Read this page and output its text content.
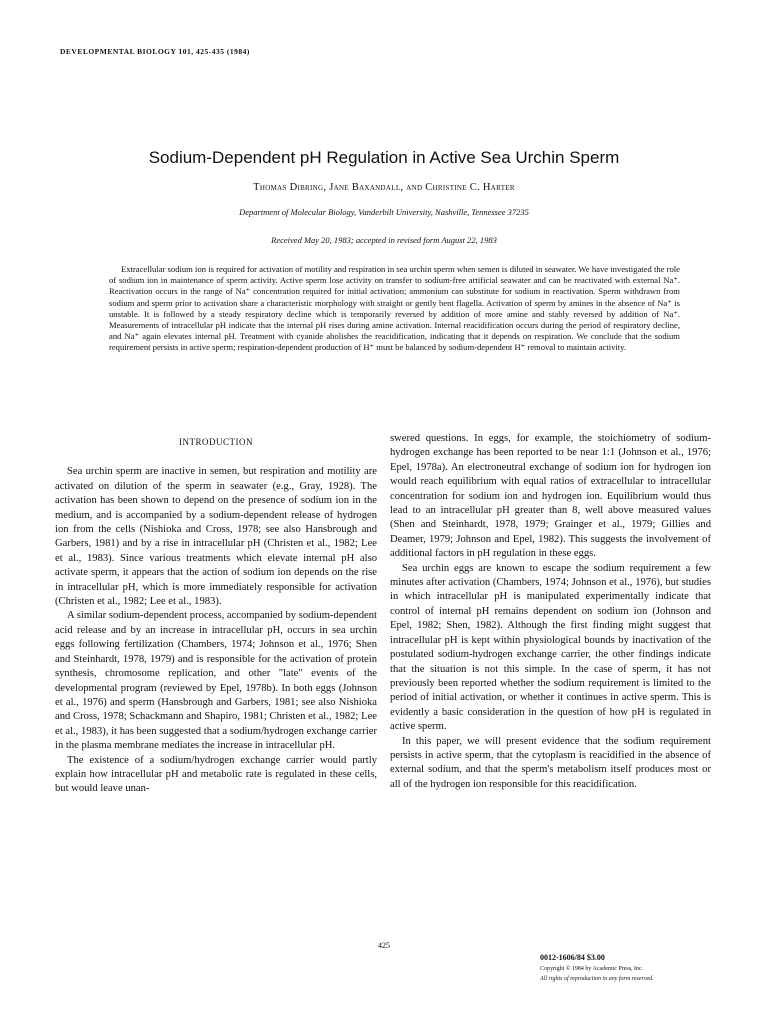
DEVELOPMENTAL BIOLOGY 101, 425-435 (1984)
Sodium-Dependent pH Regulation in Active Sea Urchin Sperm
Thomas Dibring, Jane Baxandall, and Christine C. Harter
Department of Molecular Biology, Vanderbilt University, Nashville, Tennessee 37235
Received May 20, 1983; accepted in revised form August 22, 1983

Extracellular sodium ion is required for activation of motility and respiration in sea urchin sperm when semen is diluted in seawater. We have investigated the role of sodium ion in maintenance of sperm activity. Active sperm lose activity on transfer to sodium-free artificial seawater and can be reactivated with external Na⁺. Reactivation occurs in the range of Na⁺ concentration required for initial activation; ammonium can substitute for sodium in reactivation. Sperm withdrawn from sodium and sperm prior to activation share a characteristic morphology with straight or gently bent flagella. Activation of sperm by amines in the absence of Na⁺ is unstable. It is followed by a steady respiratory decline which is temporarily reversed by addition of more amine and stably reversed by addition of Na⁺. Measurements of intracellular pH indicate that the internal pH rises during amine activation. Internal reacidification occurs during the period of respiratory decline, and Na⁺ again elevates internal pH. Treatment with cyanide abolishes the reacidification, indicating that it depends on respiration. We conclude that the sodium requirement persists in active sperm; respiration-dependent production of H⁺ must be balanced by sodium-dependent H⁺ removal to maintain activity.

INTRODUCTION

Sea urchin sperm are inactive in semen, but respiration and motility are activated on dilution of the sperm in seawater (e.g., Gray, 1928). The activation has been shown to depend on the presence of sodium ion in the medium, and is accompanied by a sodium-dependent release of hydrogen ion from the cells (Nishioka and Cross, 1978; see also Hansbrough and Garbers, 1981) and by a rise in intracellular pH (Christen et al., 1982; Lee et al., 1983). Since various treatments which elevate internal pH also activate sperm, it appears that the action of sodium ion depends on the rise in intracellular pH, which is more immediately responsible for activation (Christen et al., 1982; Lee et al., 1983).

A similar sodium-dependent process, accompanied by sodium-dependent acid release and by an increase in intracellular pH, occurs in sea urchin eggs following fertilization (Chambers, 1974; Johnson et al., 1976; Shen and Steinhardt, 1978, 1979) and is responsible for the activation of protein synthesis, chromosome replication, and other "late" events of the developmental program (reviewed by Epel, 1978b). In both eggs (Johnson et al., 1976) and sperm (Hansbrough and Garbers, 1981; see also Nishioka and Cross, 1978; Schackmann and Shapiro, 1981; Christen et al., 1982; Lee et al., 1983), it has been suggested that a sodium/hydrogen exchange carrier in the plasma membrane mediates the increase in intracellular pH.

The existence of a sodium/hydrogen exchange carrier would partly explain how intracellular pH and metabolic rate is regulated in these cells, but would leave unan-

swered questions. In eggs, for example, the stoichiometry of sodium-hydrogen exchange has been reported to be near 1:1 (Johnson et al., 1976; Epel, 1978a). An electroneutral exchange of sodium ion for hydrogen ion would reach equilibrium with equal ratios of extracellular to intracellular concentration for sodium ion and hydrogen ion. Equilibrium would thus lead to an intracellular pH greater than 8, well above measured values (Shen and Steinhardt, 1978, 1979; Grainger et al., 1979; Gillies and Deamer, 1979; Johnson and Epel, 1982). This suggests the involvement of additional factors in pH regulation in these eggs.

Sea urchin eggs are known to escape the sodium requirement a few minutes after activation (Chambers, 1974; Johnson et al., 1976), but studies in which intracellular pH is manipulated experimentally indicate that control of internal pH remains dependent on sodium ion (Johnson and Epel, 1982; Shen, 1982). Although the first finding might suggest that intracellular pH is kept within physiological bounds by inactivation of the postulated sodium-hydrogen exchange carrier, the other findings indicate that the situation is not this simple. In the case of sperm, it has not previously been reported whether the sodium requirement is limited to the period of initial activation, or whether it continues in active sperm. This is evidently a basic consideration in the question of how pH is regulated in active sperm.

In this paper, we will present evidence that the sodium requirement persists in active sperm, that the cytoplasm is reacidified in the absence of external sodium, and that the sperm's metabolism itself produces most or all of the hydrogen ion responsible for this reacidification.

425
0012-1606/84 $3.00
Copyright © 1984 by Academic Press, Inc.
All rights of reproduction in any form reserved.
